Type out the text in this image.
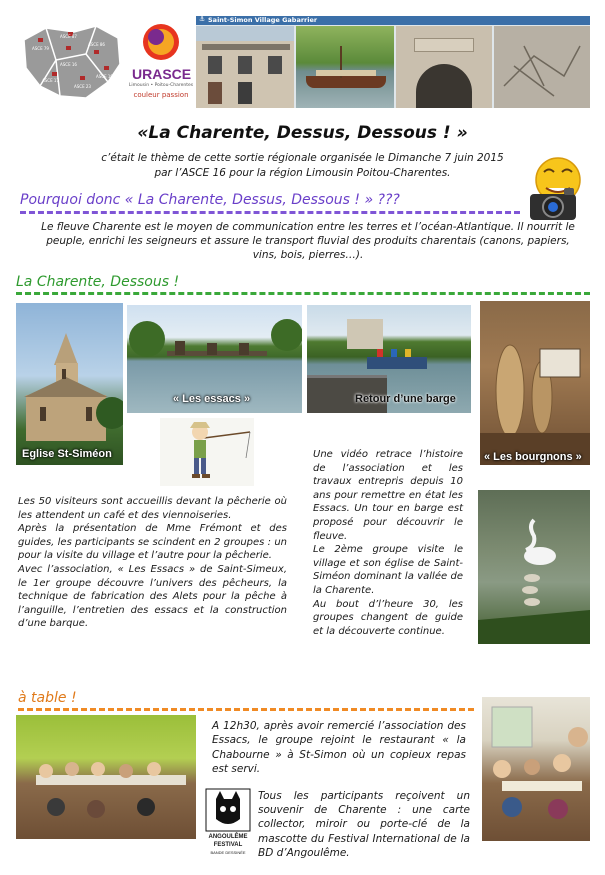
ASCE 87
ASCE 86
ASCE 79
ASCE 16
ASCE 17
ASCE 19
ASCE 23
URASCE
Limousin • Poitou-Charentes
couleur passion
⚓ Saint-Simon Village Gabarrier
«La Charente, Dessus, Dessous ! »
c’était le thème de cette sortie régionale organisée le Dimanche 7 juin 2015
par l’ASCE 16 pour la région Limousin Poitou-Charentes.
Pourquoi donc « La Charente, Dessus, Dessous ! » ???
Le fleuve Charente est le moyen de communication entre les terres et l’océan-Atlantique. Il nourrit le peuple, enrichi les seigneurs et assure le transport fluvial des produits charentais (canons, papiers, vins, bois, pierres…).
La Charente, Dessous !
Eglise St-Siméon
« Les essacs »	Retour d’une barge
« Les bourgnons »

Les 50 visiteurs sont accueillis devant la pêcherie où les attendent un café et des viennoiseries.

Après la présentation de Mme Frémont et des guides, les participants se scindent en 2 groupes : un pour la visite du village et l’autre pour la pêcherie.

Avec l’association, « Les Essacs » de Saint-Simeux, le 1er groupe découvre l’univers des pêcheurs, la technique de fabrication des Alets pour la pêche à l’anguille, l’entretien des essacs et la construction d’une barque.

Une vidéo retrace l’histoire de l’association et les travaux entrepris depuis 10 ans pour remettre en état les Essacs. Un tour en barge est proposé pour découvrir le fleuve.

Le 2ème groupe visite le village et son église de Saint-Siméon dominant la vallée de la Charente.

Au bout d’l’heure 30, les groupes changent de guide et la découverte continue.

à table !
A 12h30, après avoir remercié l’association des Essacs, le groupe rejoint le restaurant « la Chabourne » à St-Simon où un copieux repas est servi.
ANGOULÊME
FESTIVAL
BANDE DESSINÉE
Tous les participants reçoivent un souvenir de Charente : une carte collector, miroir ou porte-clé de la mascotte du Festival International de la BD d’Angoulême.
